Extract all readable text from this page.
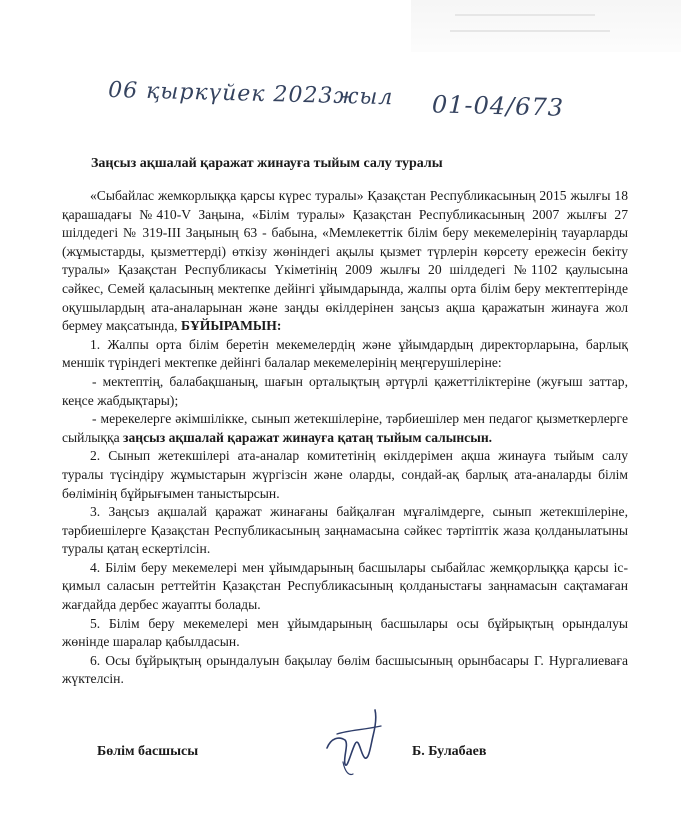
06 қыркүйек 2023жыл 01-04/673
Заңсыз ақшалай қаражат жинауға тыйым салу туралы

«Сыбайлас жемкорлыққа қарсы күрес туралы» Қазақстан Республикасының 2015 жылғы 18 қарашадағы №410-V Заңына, «Білім туралы» Қазақстан Республикасының 2007 жылғы 27 шілдедегі № 319-III Заңының 63 - бабына, «Мемлекеттік білім беру мекемелерінің тауарларды (жұмыстарды, қызметтерді) өткізу жөніндегі ақылы қызмет түрлерін көрсету ережесін бекіту туралы» Қазақстан Республикасы Үкіметінің 2009 жылғы 20 шілдедегі №1102 қаулысына сәйкес, Семей қаласының мектепке дейінгі ұйымдарында, жалпы орта білім беру мектептерінде оқушылардың ата-аналарынан және заңды өкілдерінен заңсыз ақша қаражатын жинауға жол бермеу мақсатында, БҰЙЫРАМЫН:

1. Жалпы орта білім беретін мекемелердің және ұйымдардың директорларына, барлық меншік түріндегі мектепке дейінгі балалар мекемелерінің меңгерушілеріне:

- мектептің, балабақшаның, шағын орталықтың әртүрлі қажеттіліктеріне (жуғыш заттар, кеңсе жабдықтары);

- мерекелерге әкімшілікке, сынып жетекшілеріне, тәрбиешілер мен педагог қызметкерлерге сыйлыққа заңсыз ақшалай қаражат жинауға қатаң тыйым салынсын.

2. Сынып жетекшілері ата-аналар комитетінің өкілдерімен ақша жинауға тыйым салу туралы түсіндіру жұмыстарын жүргізсін және оларды, сондай-ақ барлық ата-аналарды білім бөлімінің бұйрығымен таныстырсын.

3. Заңсыз ақшалай қаражат жинағаны байқалған мұғалімдерге, сынып жетекшілеріне, тәрбиешілерге Қазақстан Республикасының заңнамасына сәйкес тәртіптік жаза қолданылатыны туралы қатаң ескертілсін.

4. Білім беру мекемелері мен ұйымдарының басшылары сыбайлас жемқорлыққа қарсы іс-қимыл саласын реттейтін Қазақстан Республикасының қолданыстағы заңнамасын сақтамаған жағдайда дербес жауапты болады.

5. Білім беру мекемелері мен ұйымдарының басшылары осы бұйрықтың орындалуы жөнінде шаралар қабылдасын.

6. Осы бұйрықтың орындалуын бақылау бөлім басшысының орынбасары Г. Нургалиеваға жүктелсін.

Бөлім басшысы	Б. Булабаев
